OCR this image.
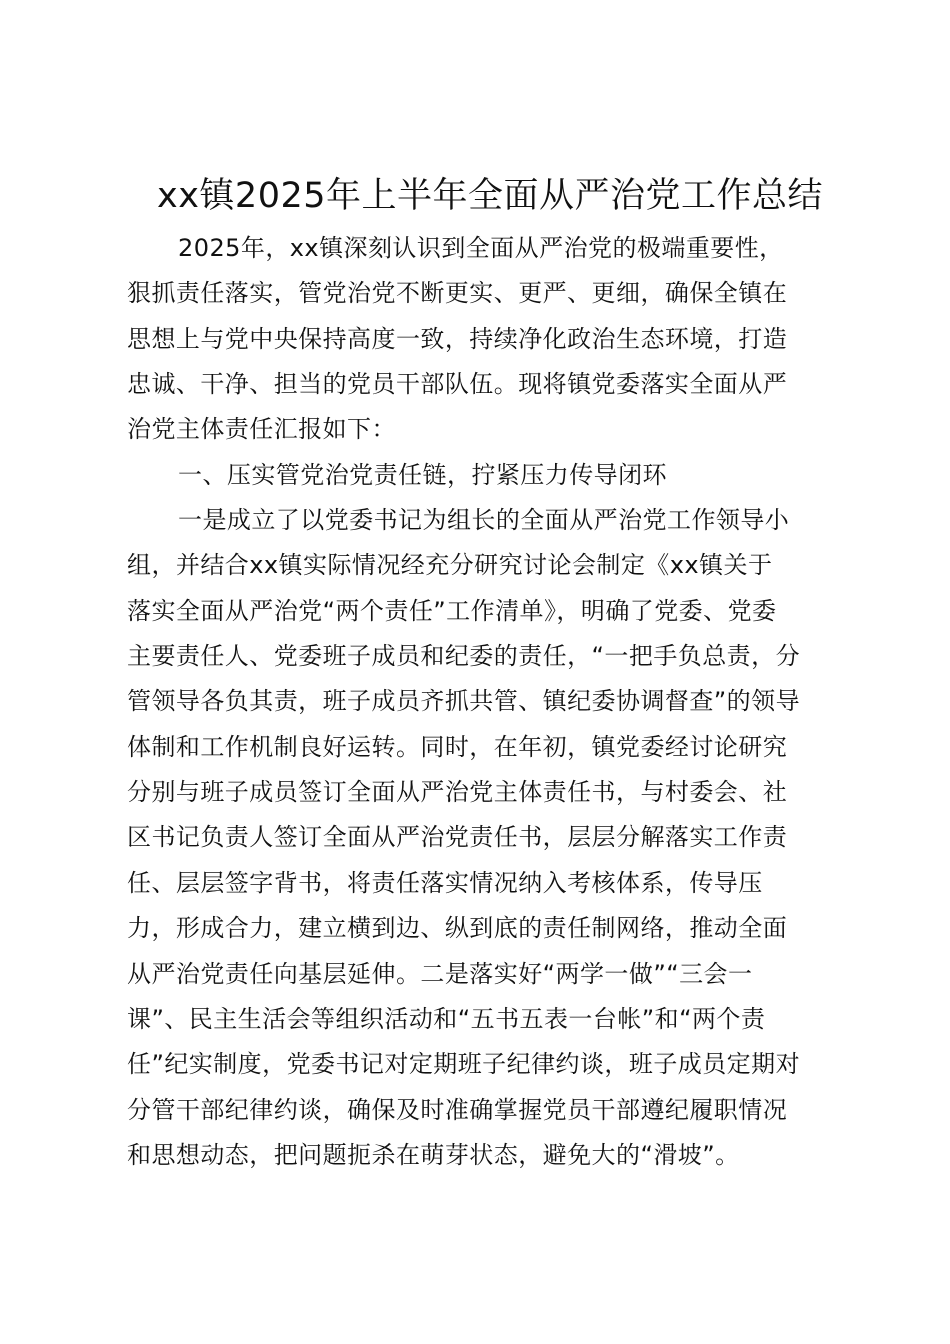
xx镇2025年上半年全面从严治党工作总结
2025年，xx镇深刻认识到全面从严治党的极端重要性，
狠抓责任落实，管党治党不断更实、更严、更细，确保全镇在
思想上与党中央保持高度一致，持续净化政治生态环境，打造
忠诚、干净、担当的党员干部队伍。现将镇党委落实全面从严
治党主体责任汇报如下：
一、压实管党治党责任链，拧紧压力传导闭环
一是成立了以党委书记为组长的全面从严治党工作领导小
组，并结合xx镇实际情况经充分研究讨论会制定《xx镇关于
落实全面从严治党“两个责任”工作清单》，明确了党委、党委
主要责任人、党委班子成员和纪委的责任，“一把手负总责，分
管领导各负其责，班子成员齐抓共管、镇纪委协调督查”的领导
体制和工作机制良好运转。同时，在年初，镇党委经讨论研究
分别与班子成员签订全面从严治党主体责任书，与村委会、社
区书记负责人签订全面从严治党责任书，层层分解落实工作责
任、层层签字背书，将责任落实情况纳入考核体系，传导压
力，形成合力，建立横到边、纵到底的责任制网络，推动全面
从严治党责任向基层延伸。二是落实好“两学一做”“三会一
课”、民主生活会等组织活动和“五书五表一台帐”和“两个责
任”纪实制度，党委书记对定期班子纪律约谈，班子成员定期对
分管干部纪律约谈，确保及时准确掌握党员干部遵纪履职情况
和思想动态，把问题扼杀在萌芽状态，避免大的“滑坡”。
